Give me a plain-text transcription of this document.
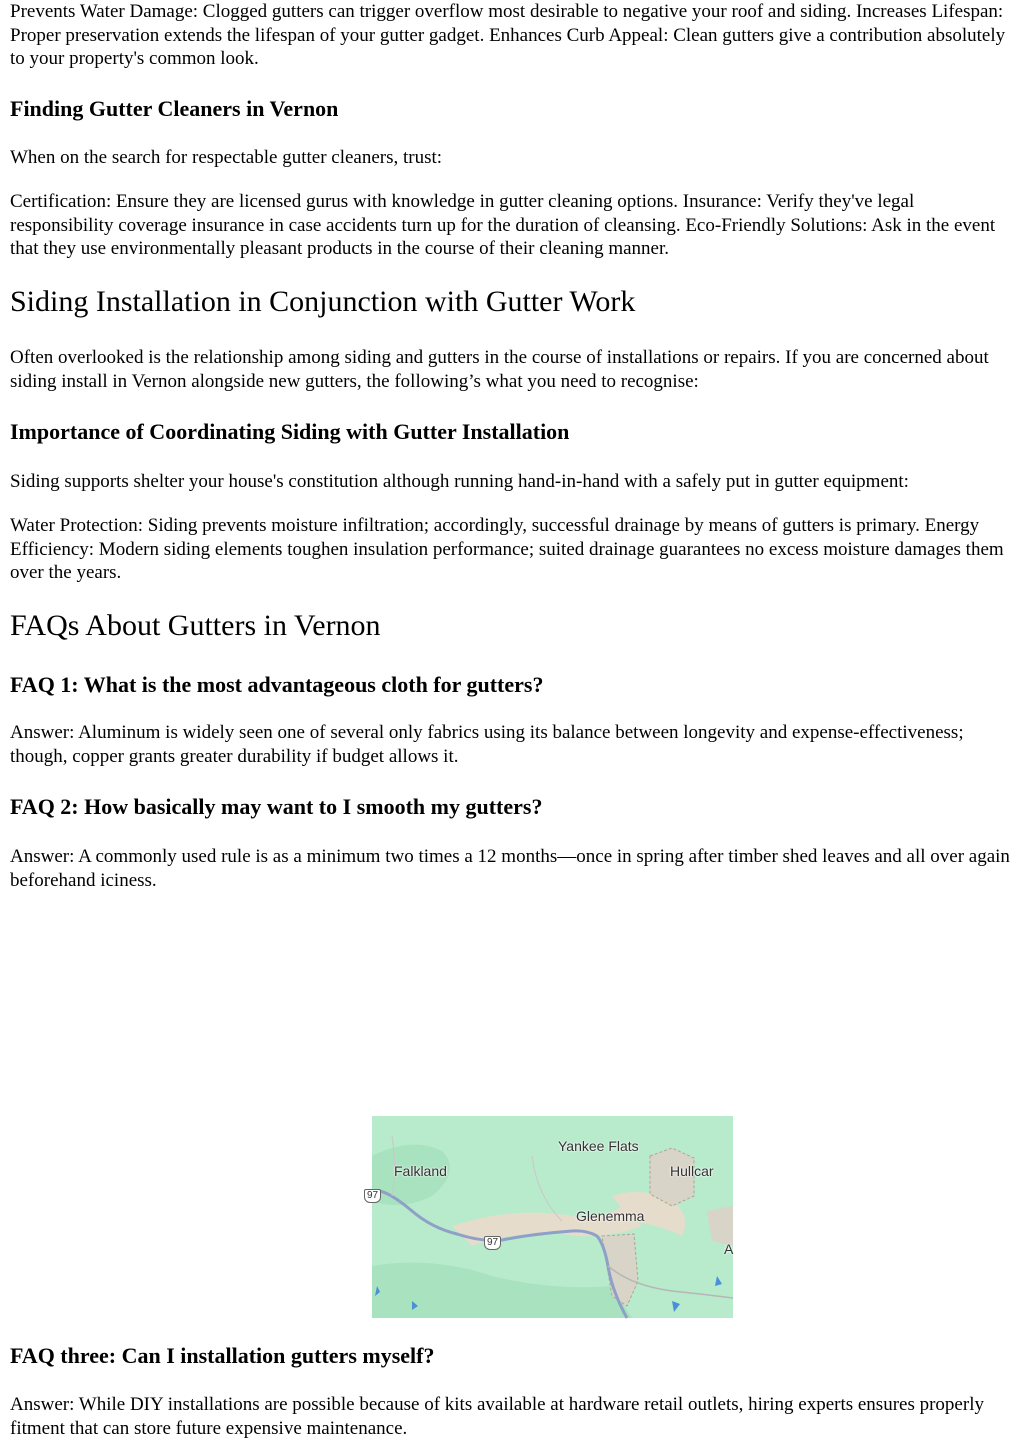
Prevents Water Damage: Clogged gutters can trigger overflow most desirable to negative your roof and siding. Increases Lifespan: Proper preservation extends the lifespan of your gutter gadget. Enhances Curb Appeal: Clean gutters give a contribution absolutely to your property's common look.

Finding Gutter Cleaners in Vernon

When on the search for respectable gutter cleaners, trust:

Certification: Ensure they are licensed gurus with knowledge in gutter cleaning options. Insurance: Verify they've legal responsibility coverage insurance in case accidents turn up for the duration of cleansing. Eco-Friendly Solutions: Ask in the event that they use environmentally pleasant products in the course of their cleaning manner.

Siding Installation in Conjunction with Gutter Work

Often overlooked is the relationship among siding and gutters in the course of installations or repairs. If you are concerned about siding install in Vernon alongside new gutters, the following’s what you need to recognise:

Importance of Coordinating Siding with Gutter Installation

Siding supports shelter your house's constitution although running hand-in-hand with a safely put in gutter equipment:

Water Protection: Siding prevents moisture infiltration; accordingly, successful drainage by means of gutters is primary. Energy Efficiency: Modern siding elements toughen insulation performance; suited drainage guarantees no excess moisture damages them over the years.

FAQs About Gutters in Vernon
FAQ 1: What is the most advantageous cloth for gutters?

Answer: Aluminum is widely seen one of several only fabrics using its balance between longevity and expense-effectiveness; though, copper grants greater durability if budget allows it.

FAQ 2: How basically may want to I smooth my gutters?

Answer: A commonly used rule is as a minimum two times a 12 months—once in spring after timber shed leaves and all over again beforehand iciness.

FAQ three: Can I installation gutters myself?

Answer: While DIY installations are possible because of kits available at hardware retail outlets, hiring experts ensures properly fitment that can store future expensive maintenance.

Yankee Flats
Falkland	Hullcar
Glenemma
A
97
97
